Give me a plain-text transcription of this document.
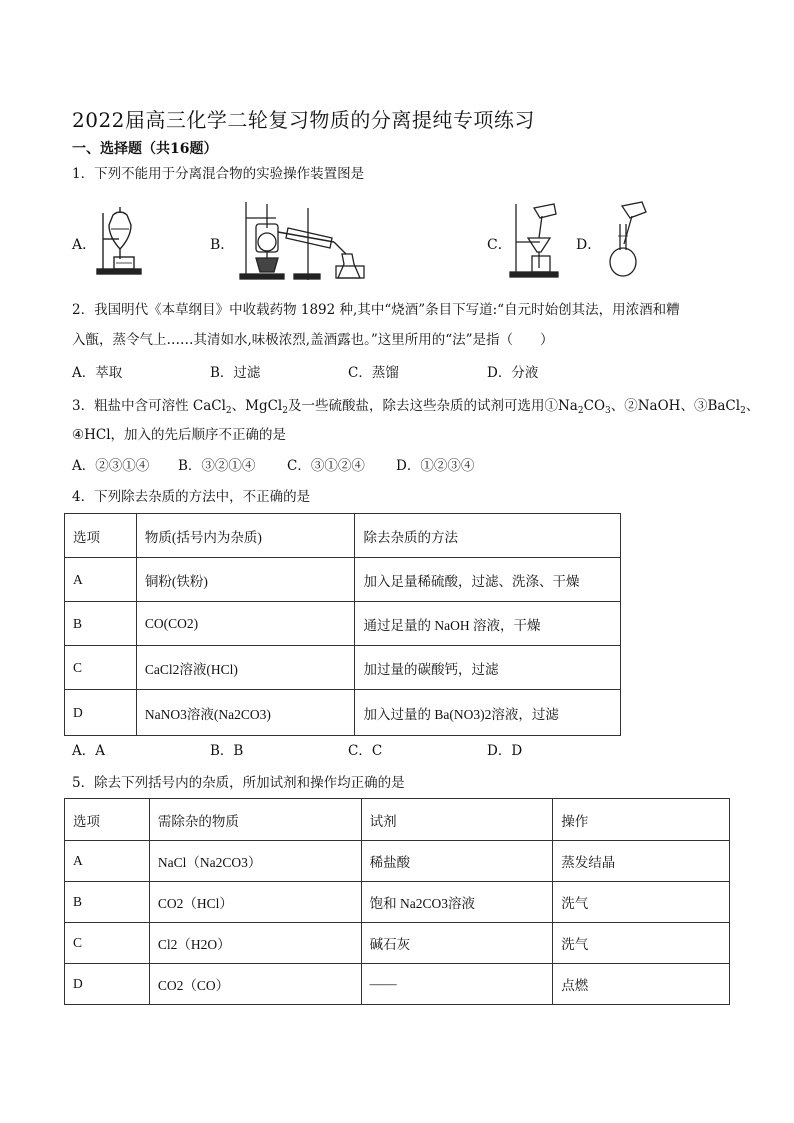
2022届高三化学二轮复习物质的分离提纯专项练习
一、选择题（共16题）
1．下列不能用于分离混合物的实验操作装置图是
A．	B．	C．	D．
2．我国明代《本草纲目》中收载药物 1892 种,其中“烧酒”条目下写道:“自元时始创其法，用浓酒和糟
入甑，蒸令气上……其清如水,味极浓烈,盖酒露也。”这里所用的“法”是指（　　）
A．萃取	B．过滤	C．蒸馏	D．分液
3．粗盐中含可溶性 CaCl$_2$、MgCl$_2$及一些硫酸盐，除去这些杂质的试剂可选用$①Na_2CO_3$、②NaOH、③BaCl$_2$、
④HCl，加入的先后顺序不正确的是
A．②③①④ B．③②①④ C．③①②④ D．①②③④
4．下列除去杂质的方法中，不正确的是
选项	物质(括号内为杂质)	除去杂质的方法
A	铜粉(铁粉)	加入足量稀硫酸，过滤、洗涤、干燥
B	CO(CO2)	通过足量的 NaOH 溶液，干燥
C	CaCl2溶液(HCl)	加过量的碳酸钙，过滤
D	NaNO3溶液(Na2CO3)	加入过量的 Ba(NO3)2溶液，过滤
A．A	B．B	C．C	D．D
5．除去下列括号内的杂质，所加试剂和操作均正确的是
选项	需除杂的物质	试剂	操作
A	NaCl（Na2CO3）	稀盐酸	蒸发结晶
B	CO2（HCl）	饱和 Na2CO3溶液	洗气
C	Cl2（H2O）	碱石灰	洗气
D	CO2（CO）	——	点燃
